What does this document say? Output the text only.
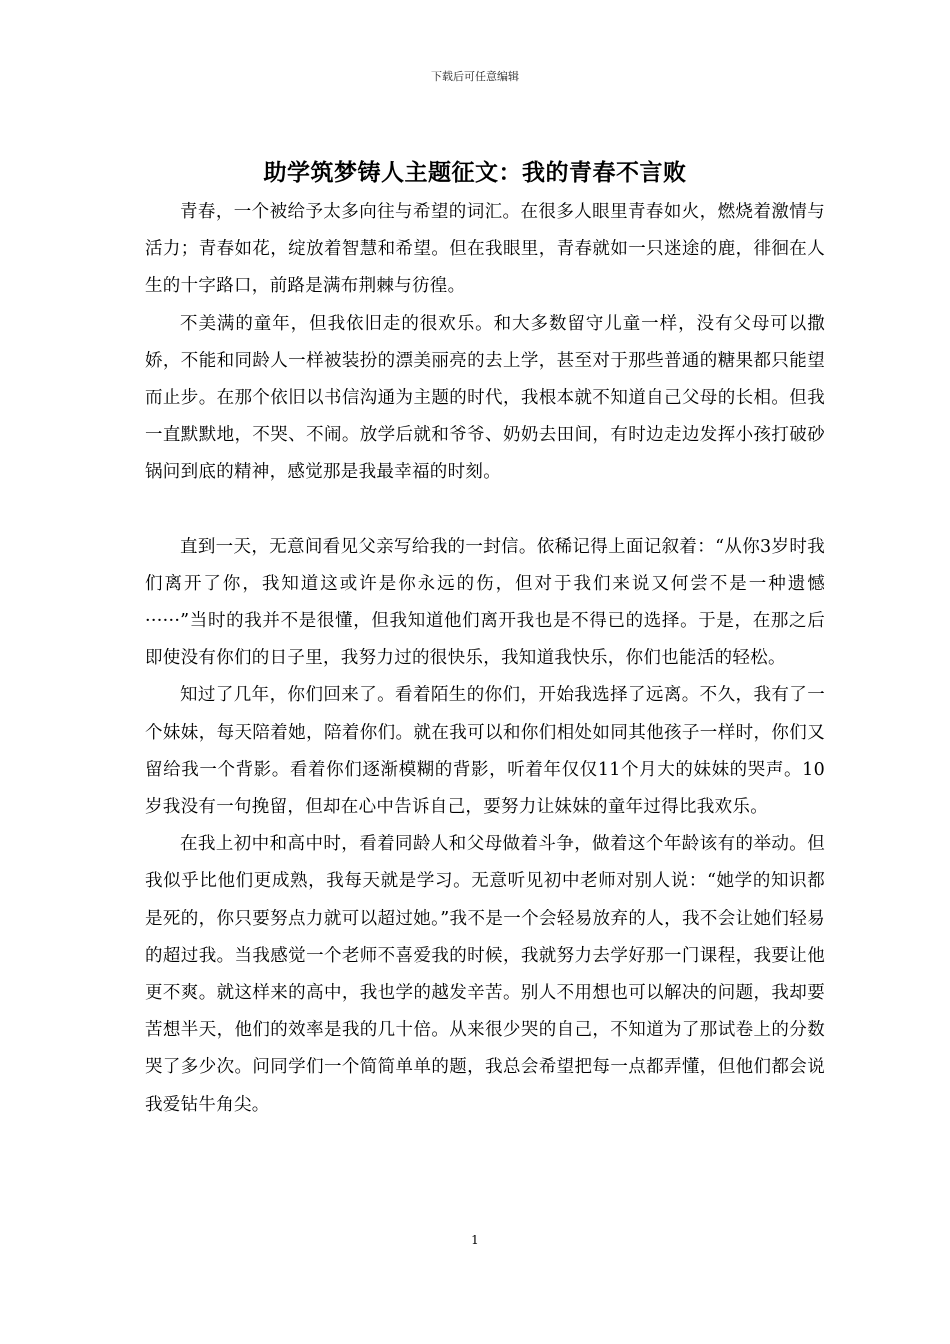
下载后可任意编辑
助学筑梦铸人主题征文：我的青春不言败

青春，一个被给予太多向往与希望的词汇。在很多人眼里青春如火，燃烧着激情与活力；青春如花，绽放着智慧和希望。但在我眼里，青春就如一只迷途的鹿，徘徊在人生的十字路口，前路是满布荆棘与彷徨。

不美满的童年，但我依旧走的很欢乐。和大多数留守儿童一样，没有父母可以撒娇，不能和同龄人一样被装扮的漂美丽亮的去上学，甚至对于那些普通的糖果都只能望而止步。在那个依旧以书信沟通为主题的时代，我根本就不知道自己父母的长相。但我一直默默地，不哭、不闹。放学后就和爷爷、奶奶去田间，有时边走边发挥小孩打破砂锅问到底的精神，感觉那是我最幸福的时刻。

直到一天，无意间看见父亲写给我的一封信。依稀记得上面记叙着：“从你3岁时我们离开了你，我知道这或许是你永远的伤，但对于我们来说又何尝不是一种遗憾······”当时的我并不是很懂，但我知道他们离开我也是不得已的选择。于是，在那之后即使没有你们的日子里，我努力过的很快乐，我知道我快乐，你们也能活的轻松。

知过了几年，你们回来了。看着陌生的你们，开始我选择了远离。不久，我有了一个妹妹，每天陪着她，陪着你们。就在我可以和你们相处如同其他孩子一样时，你们又留给我一个背影。看着你们逐渐模糊的背影，听着年仅仅11个月大的妹妹的哭声。10岁我没有一句挽留，但却在心中告诉自己，要努力让妹妹的童年过得比我欢乐。

在我上初中和高中时，看着同龄人和父母做着斗争，做着这个年龄该有的举动。但我似乎比他们更成熟，我每天就是学习。无意听见初中老师对别人说：“她学的知识都是死的，你只要努点力就可以超过她。”我不是一个会轻易放弃的人，我不会让她们轻易的超过我。当我感觉一个老师不喜爱我的时候，我就努力去学好那一门课程，我要让他更不爽。就这样来的高中，我也学的越发辛苦。别人不用想也可以解决的问题，我却要苦想半天，他们的效率是我的几十倍。从来很少哭的自己，不知道为了那试卷上的分数哭了多少次。问同学们一个简简单单的题，我总会希望把每一点都弄懂，但他们都会说我爱钻牛角尖。

1
